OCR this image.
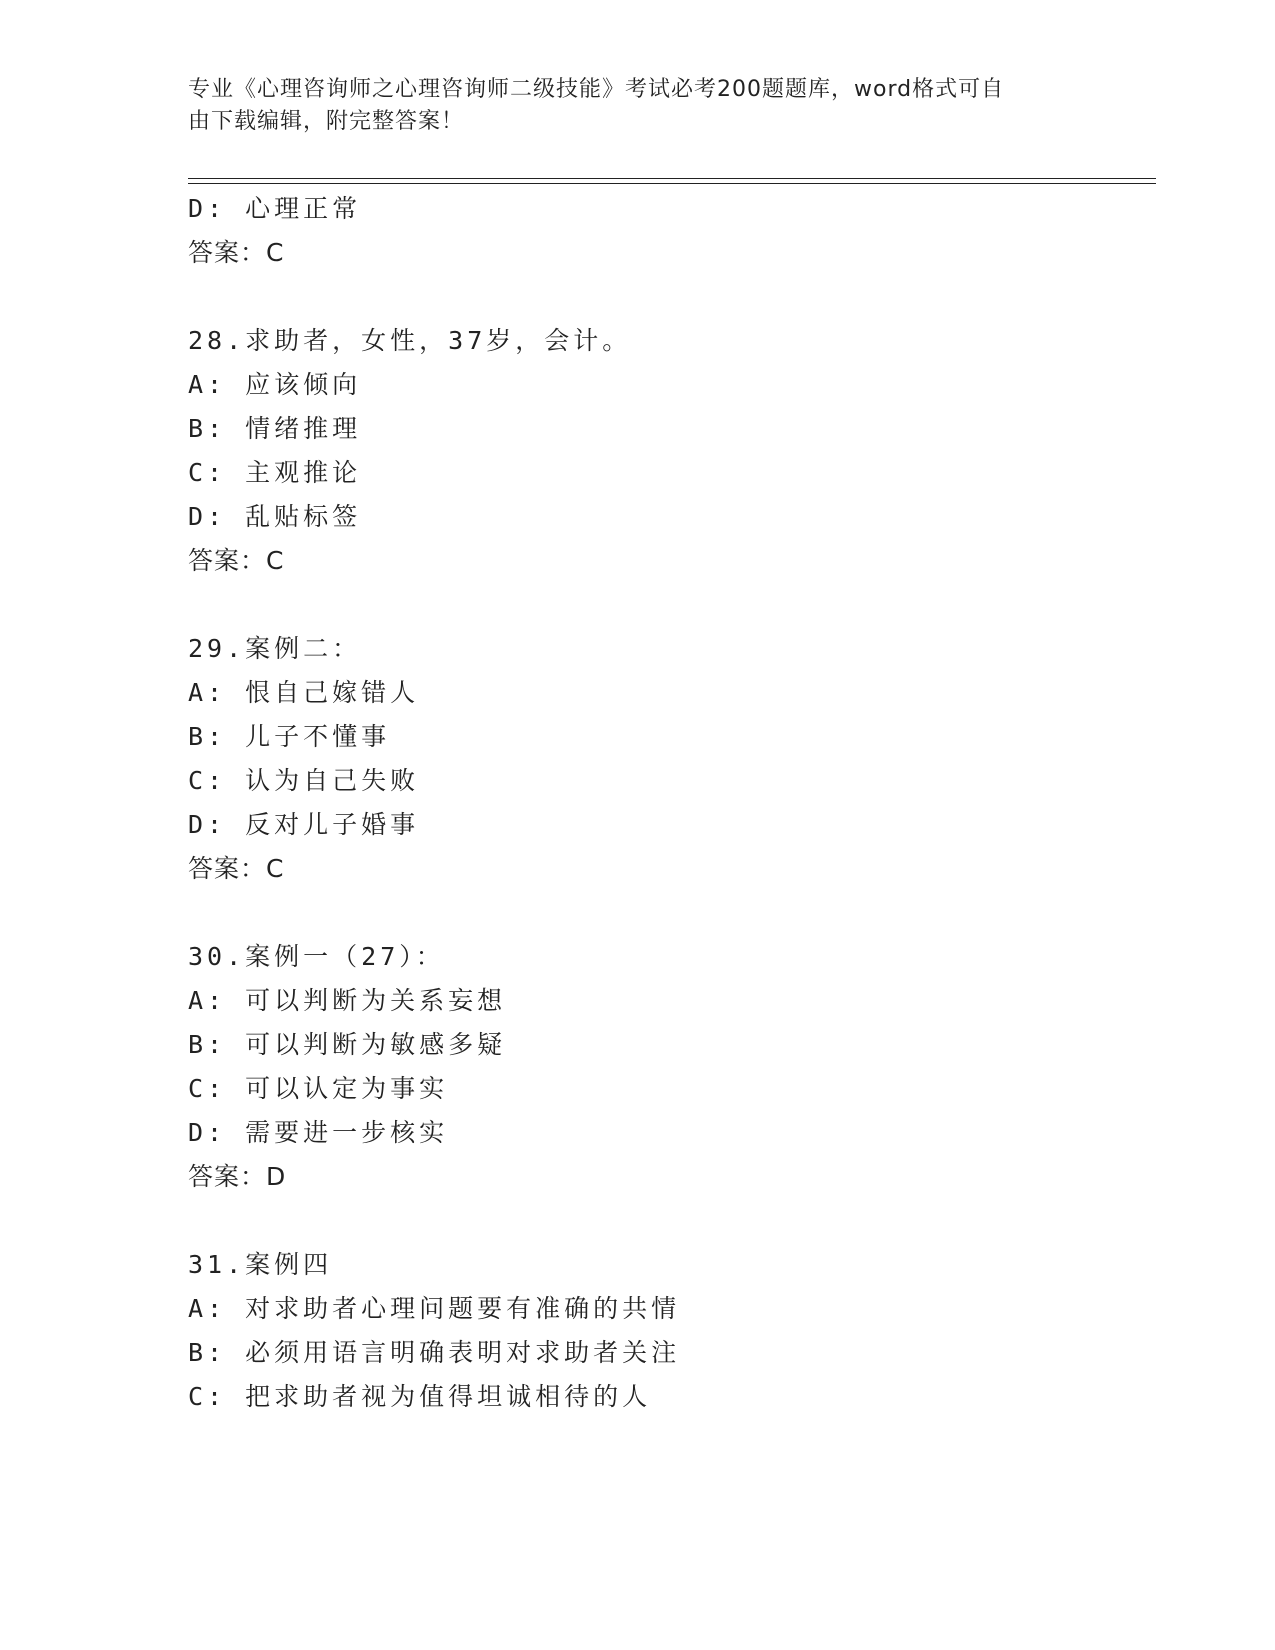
专业《心理咨询师之心理咨询师二级技能》考试必考200题题库，word格式可自
由下载编辑，附完整答案！
D: 心理正常
答案：C
28.求助者，女性，37岁，会计。
A: 应该倾向
B: 情绪推理
C: 主观推论
D: 乱贴标签
答案：C
29.案例二：
A: 恨自己嫁错人
B: 儿子不懂事
C: 认为自己失败
D: 反对儿子婚事
答案：C
30.案例一（27）：
A: 可以判断为关系妄想
B: 可以判断为敏感多疑
C: 可以认定为事实
D: 需要进一步核实
答案：D
31.案例四
A: 对求助者心理问题要有准确的共情
B: 必须用语言明确表明对求助者关注
C: 把求助者视为值得坦诚相待的人
